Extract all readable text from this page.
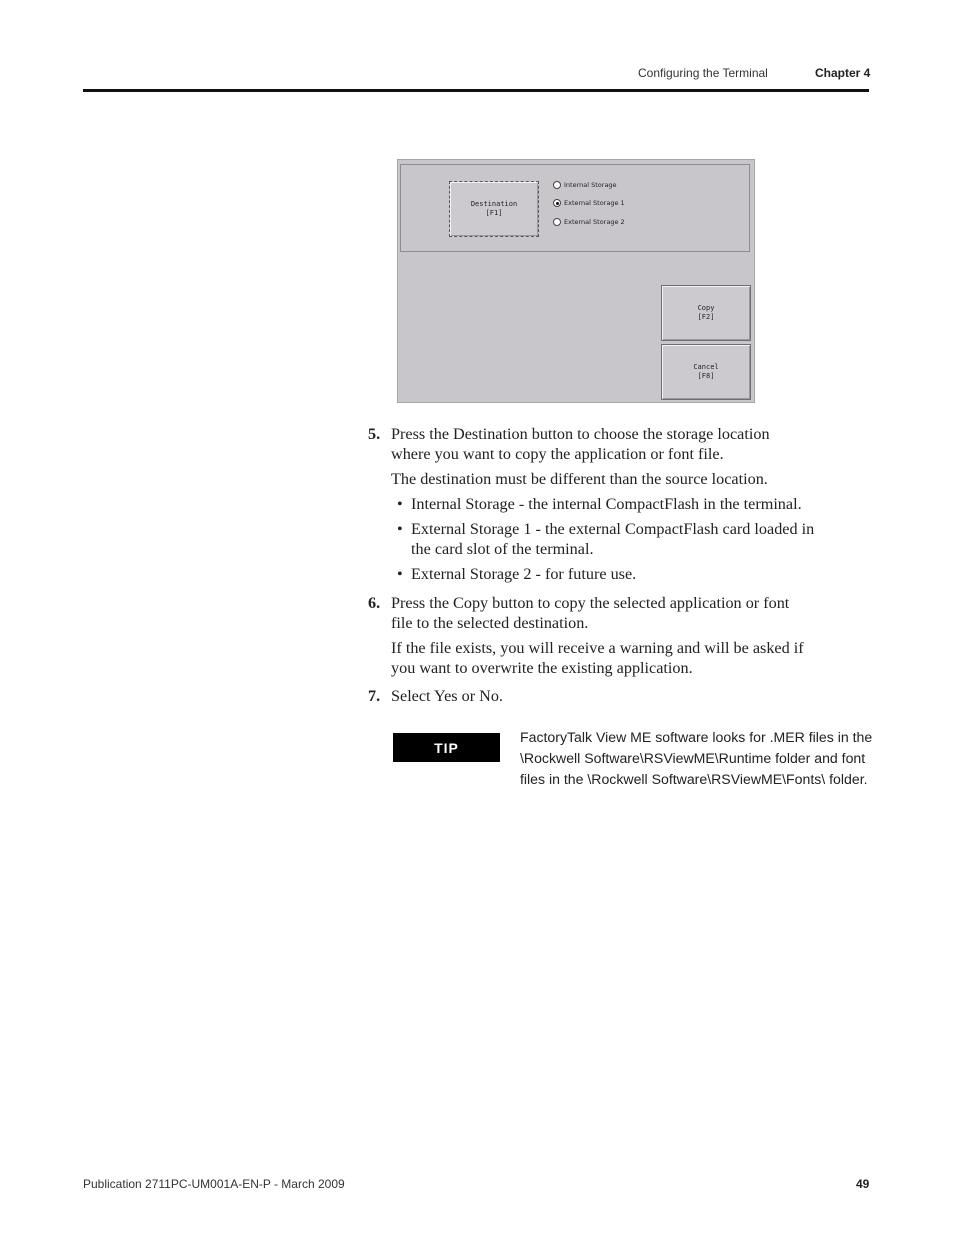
Configuring the Terminal	Chapter 4
Destination
[F1]
Internal Storage
External Storage 1
External Storage 2
Copy
[F2]
Cancel
[F8]
5. Press the Destination button to choose the storage location
where you want to copy the application or font file.
The destination must be different than the source location.
• Internal Storage - the internal CompactFlash in the terminal.
• External Storage 1 - the external CompactFlash card loaded in
the card slot of the terminal.
• External Storage 2 - for future use.
6. Press the Copy button to copy the selected application or font
file to the selected destination.
If the file exists, you will receive a warning and will be asked if
you want to overwrite the existing application.
7. Select Yes or No.
TIP
FactoryTalk View ME software looks for .MER files in the
\Rockwell Software\RSViewME\Runtime folder and font
files in the \Rockwell Software\RSViewME\Fonts\ folder.
Publication 2711PC-UM001A-EN-P - March 2009	49
